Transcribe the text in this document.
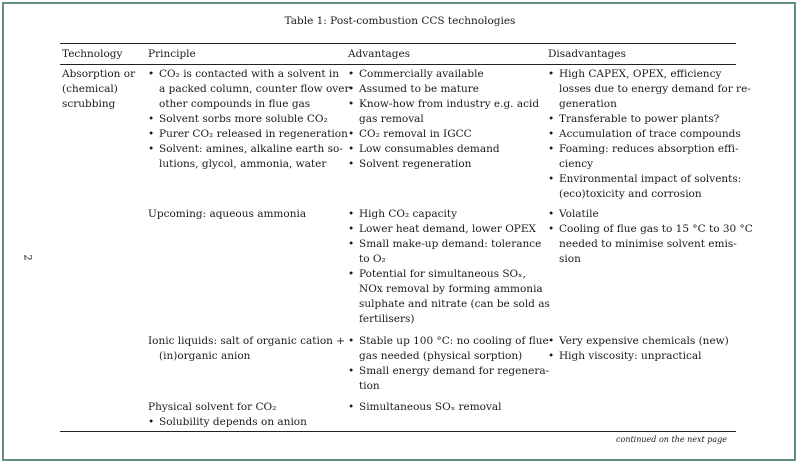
2
Table 1: Post-combustion CCS technologies
Technology Principle	Advantages	Disadvantages
Absorption or
(chemical)
scrubbing
• CO₂ is contacted with a solvent in
a packed column, counter flow over
other compounds in flue gas
• Solvent sorbs more soluble CO₂
• Purer CO₂ released in regeneration
• Solvent: amines, alkaline earth so-
lutions, glycol, ammonia, water
• Commercially available
• Assumed to be mature
• Know-how from industry e.g. acid
gas removal
• CO₂ removal in IGCC
• Low consumables demand
• Solvent regeneration
• High CAPEX, OPEX, efficiency
losses due to energy demand for re-
generation
• Transferable to power plants?
• Accumulation of trace compounds
• Foaming: reduces absorption effi-
ciency
• Environmental impact of solvents:
(eco)toxicity and corrosion
Upcoming: aqueous ammonia
•	High CO₂ capacity
• Lower heat demand, lower OPEX
• Small make-up demand: tolerance
to O₂
• Potential for simultaneous SOₓ,
NOx removal by forming ammonia
sulphate and nitrate (can be sold as
fertilisers)
• Volatile
• Cooling of flue gas to 15 °C to 30 °C
needed to minimise solvent emis-
sion
Ionic liquids: salt of organic cation +
(in)organic anion
• Stable up 100 °C: no cooling of flue
gas needed (physical sorption)
• Small energy demand for regenera-
tion
• Very expensive chemicals (new)
• High viscosity: unpractical
Physical solvent for CO₂
• Solubility depends on anion
• Simultaneous SOₓ removal
continued on the next page
